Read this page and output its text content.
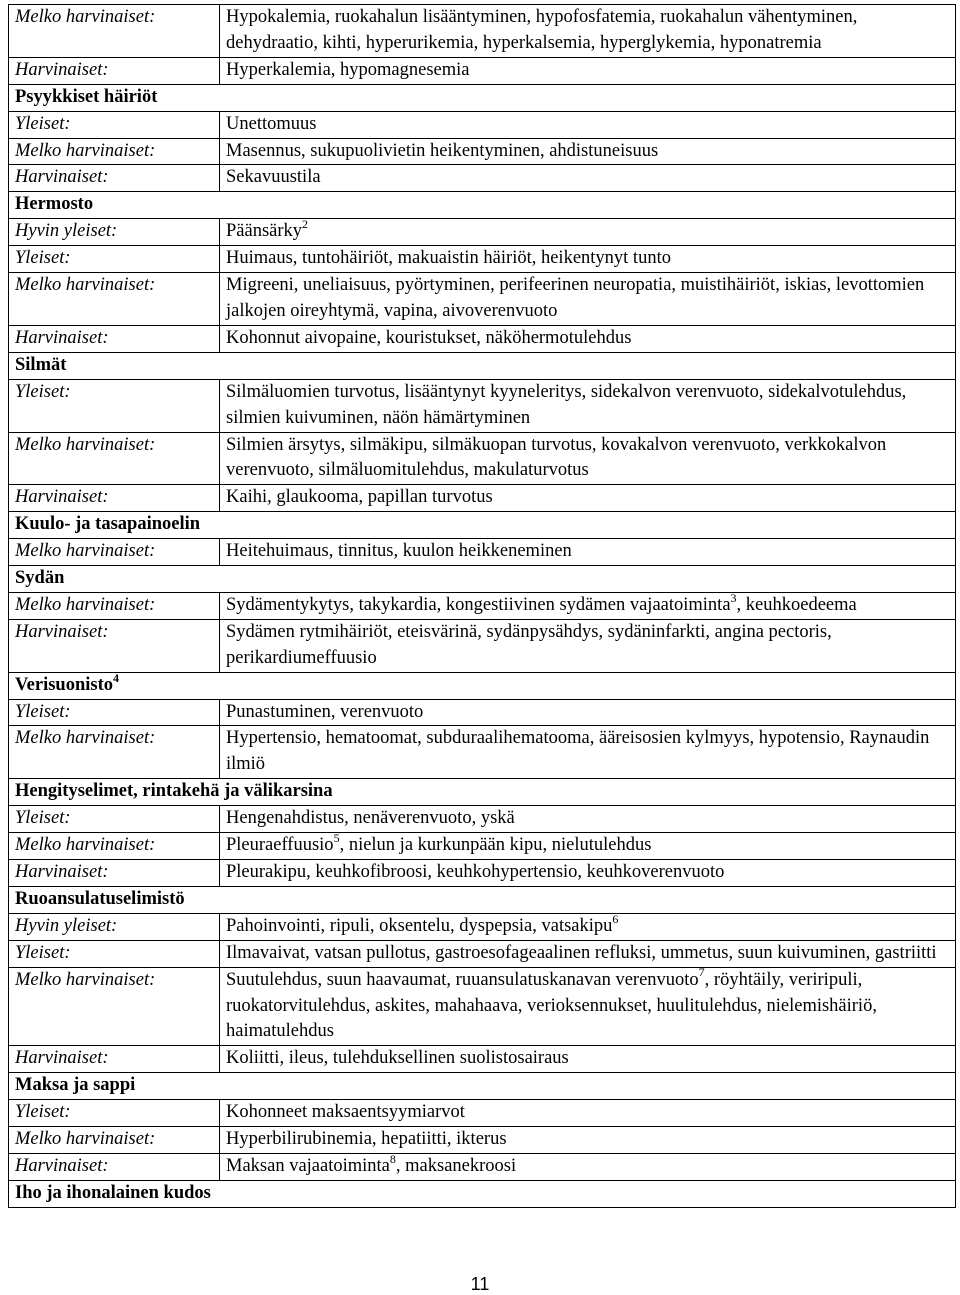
Melko harvinaiset:	Hypokalemia, ruokahalun lisääntyminen, hypofosfatemia, ruokahalun vähentyminen, dehydraatio, kihti, hyperurikemia, hyperkalsemia, hyperglykemia, hyponatremia
Harvinaiset:	Hyperkalemia, hypomagnesemia
Psyykkiset häiriöt	
Yleiset:	Unettomuus
Melko harvinaiset:	Masennus, sukupuolivietin heikentyminen, ahdistuneisuus
Harvinaiset:	Sekavuustila
Hermosto	
Hyvin yleiset:	Päänsärky$^2$
Yleiset:	Huimaus, tuntohäiriöt, makuaistin häiriöt, heikentynyt tunto
Melko harvinaiset:	Migreeni, uneliaisuus, pyörtyminen, perifeerinen neuropatia, muistihäiriöt, iskias, levottomien jalkojen oireyhtymä, vapina, aivoverenvuoto
Harvinaiset:	Kohonnut aivopaine, kouristukset, näköhermotulehdus
Silmät	
Yleiset:	Silmäluomien turvotus, lisääntynyt kyyneleritys, sidekalvon verenvuoto, sidekalvotulehdus, silmien kuivuminen, näön hämärtyminen
Melko harvinaiset:	Silmien ärsytys, silmäkipu, silmäkuopan turvotus, kovakalvon verenvuoto, verkkokalvon verenvuoto, silmäluomitulehdus, makulaturvotus
Harvinaiset:	Kaihi, glaukooma, papillan turvotus
Kuulo- ja tasapainoelin	
Melko harvinaiset:	Heitehuimaus, tinnitus, kuulon heikkeneminen
Sydän	
Melko harvinaiset:	Sydämentykytys, takykardia, kongestiivinen sydämen vajaatoiminta$^3$, keuhkoedeema
Harvinaiset:	Sydämen rytmihäiriöt, eteisvärinä, sydänpysähdys, sydäninfarkti, angina pectoris, perikardiumeffuusio
Verisuonisto$^4$
Yleiset:	Punastuminen, verenvuoto
Melko harvinaiset:	Hypertensio, hematoomat, subduraalihematooma, ääreisosien kylmyys, hypotensio, Raynaudin ilmiö
Hengityselimet, rintakehä ja välikarsina	
Yleiset:	Hengenahdistus, nenäverenvuoto, yskä
Melko harvinaiset:	Pleuraeffuusio$^5$, nielun ja kurkunpään kipu, nielutulehdus
Harvinaiset:	Pleurakipu, keuhkofibroosi, keuhkohypertensio, keuhkoverenvuoto
Ruoansulatuselimistö	
Hyvin yleiset:	Pahoinvointi, ripuli, oksentelu, dyspepsia, vatsakipu$^6$
Yleiset:	Ilmavaivat, vatsan pullotus, gastroesofageaalinen refluksi, ummetus, suun kuivuminen, gastriitti
Melko harvinaiset:	Suutulehdus, suun haavaumat, ruuansulatuskanavan verenvuoto$^7$, röyhtäily, veriripuli, ruokatorvitulehdus, askites, mahahaava, verioksennukset, huulitulehdus, nielemishäiriö, haimatulehdus
Harvinaiset:	Koliitti, ileus, tulehduksellinen suolistosairaus
Maksa ja sappi	
Yleiset:	Kohonneet maksaentsyymiarvot
Melko harvinaiset:	Hyperbilirubinemia, hepatiitti, ikterus
Harvinaiset:	Maksan vajaatoiminta$^8$, maksanekroosi
Iho ja ihonalainen kudos	
11
